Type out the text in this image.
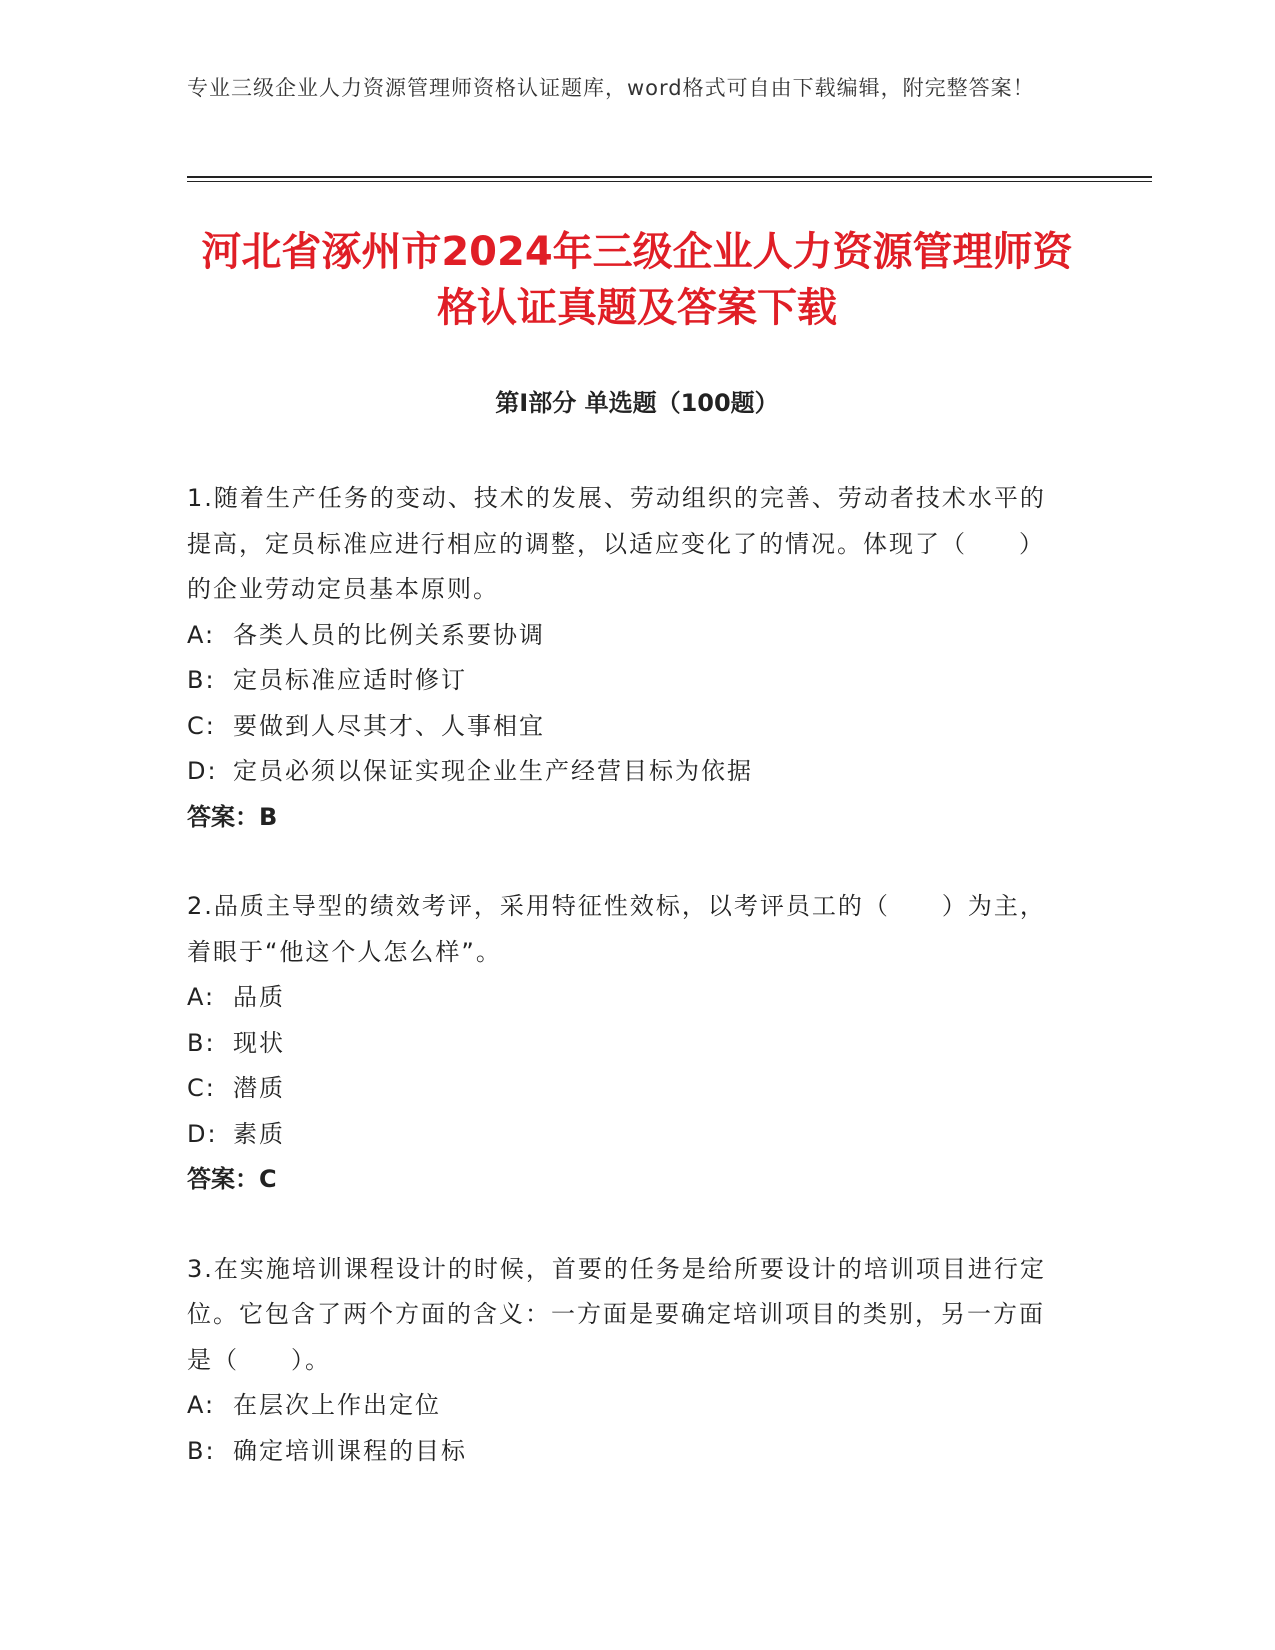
专业三级企业人力资源管理师资格认证题库，word格式可自由下载编辑，附完整答案！
河北省涿州市2024年三级企业人力资源管理师资格认证真题及答案下载
第Ⅰ部分 单选题（100题）

1.随着生产任务的变动、技术的发展、劳动组织的完善、劳动者技术水平的提高，定员标准应进行相应的调整，以适应变化了的情况。体现了（　　）的企业劳动定员基本原则。

A: 各类人员的比例关系要协调

B: 定员标准应适时修订

C: 要做到人尽其才、人事相宜

D: 定员必须以保证实现企业生产经营目标为依据

答案：B

2.品质主导型的绩效考评，采用特征性效标，以考评员工的（　　）为主，着眼于“他这个人怎么样”。

A: 品质

B: 现状

C: 潜质

D: 素质

答案：C

3.在实施培训课程设计的时候，首要的任务是给所要设计的培训项目进行定位。它包含了两个方面的含义：一方面是要确定培训项目的类别，另一方面是（　　）。

A: 在层次上作出定位

B: 确定培训课程的目标
